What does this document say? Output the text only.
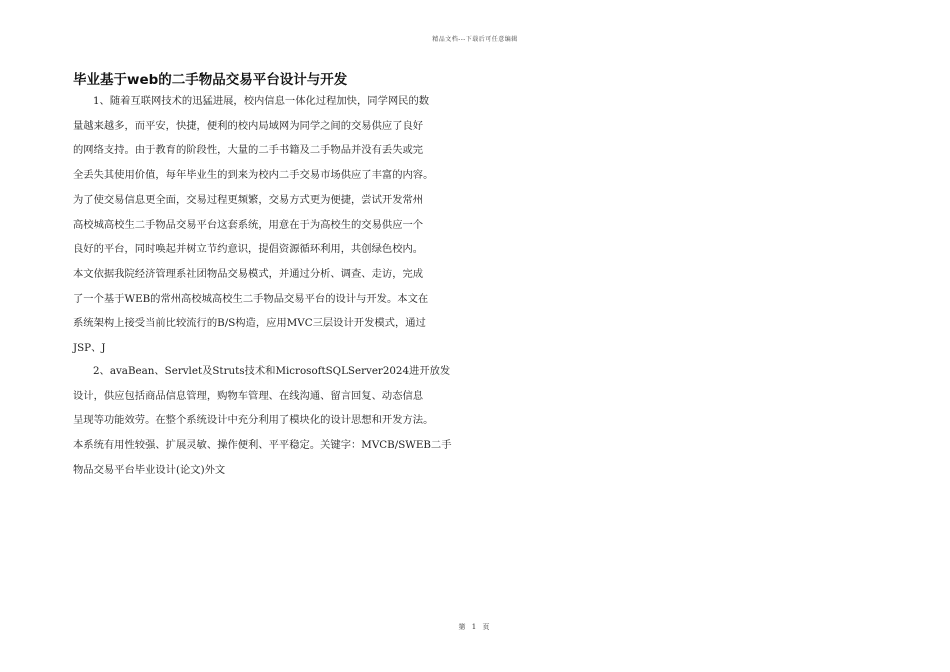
精品文档---下载后可任意编辑
毕业基于web的二手物品交易平台设计与开发
1、随着互联网技术的迅猛进展，校内信息一体化过程加快，同学网民的数
量越来越多，而平安，快捷，便利的校内局域网为同学之间的交易供应了良好
的网络支持。由于教育的阶段性，大量的二手书籍及二手物品并没有丢失或完
全丢失其使用价值，每年毕业生的到来为校内二手交易市场供应了丰富的内容。
为了使交易信息更全面，交易过程更频繁，交易方式更为便捷，尝试开发常州
高校城高校生二手物品交易平台这套系统，用意在于为高校生的交易供应一个
良好的平台，同时唤起并树立节约意识，提倡资源循环利用，共创绿色校内。
本文依据我院经济管理系社团物品交易模式，并通过分析、调查、走访，完成
了一个基于WEB的常州高校城高校生二手物品交易平台的设计与开发。本文在
系统架构上接受当前比较流行的B/S构造，应用MVC三层设计开发模式，通过
JSP、J
2、avaBean、Servlet及Struts技术和MicrosoftSQLServer2024进开放发
设计，供应包括商品信息管理，购物车管理、在线沟通、留言回复、动态信息
呈现等功能效劳。在整个系统设计中充分利用了模块化的设计思想和开发方法。
本系统有用性较强、扩展灵敏、操作便利、平平稳定。关键字：MVCB/SWEB二手
物品交易平台毕业设计(论文)外文
第 1 页
